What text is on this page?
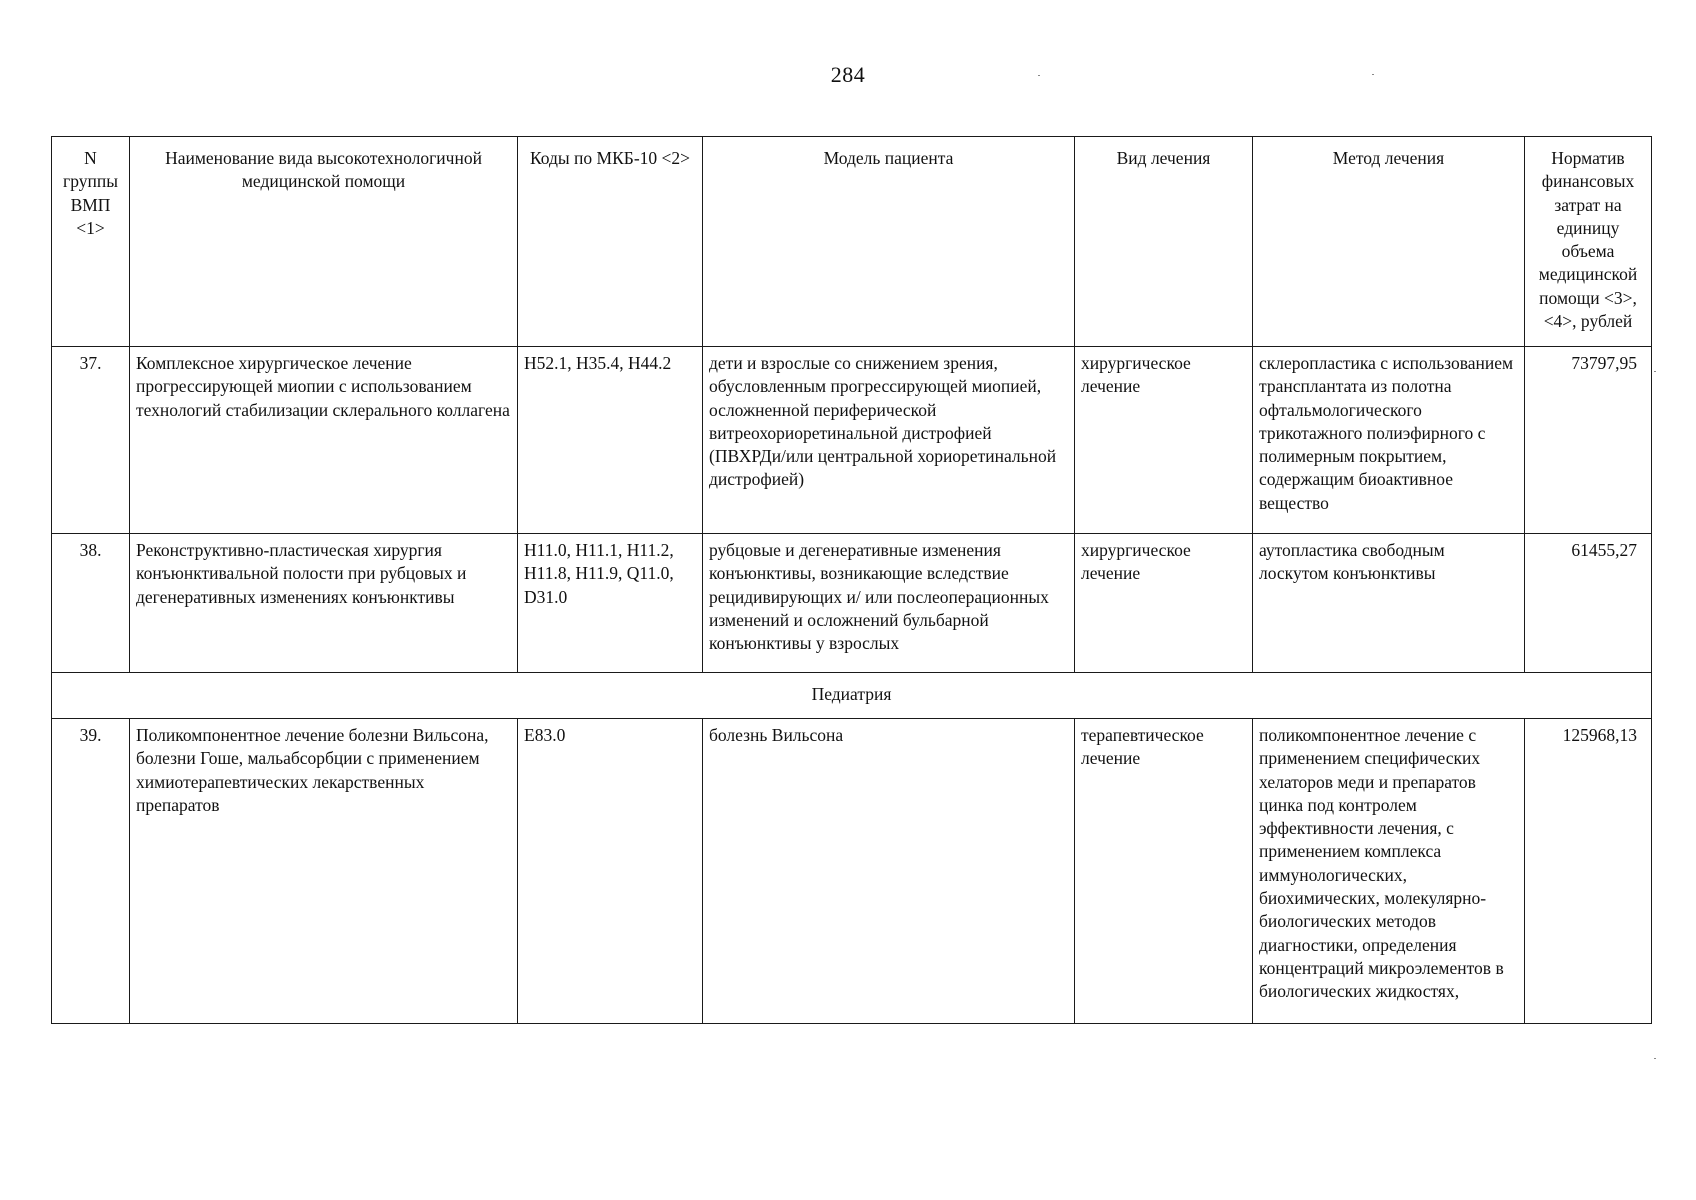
284
N группы ВМП <1>	Наименование вида высокотехнологичной медицинской помощи	Коды по МКБ-10 <2>	Модель пациента	Вид лечения	Метод лечения	Норматив финансовых затрат на единицу объема медицинской помощи <3>, <4>, рублей
37.	Комплексное хирургическое лечение прогрессирующей миопии с использованием технологий стабилизации склерального коллагена	H52.1, H35.4, H44.2	дети и взрослые со снижением зрения, обусловленным прогрессирующей миопией, осложненной периферической витреохориоретинальной дистрофией (ПВХРДи/или центральной хориоретинальной дистрофией)	хирургическое лечение	склеропластика с использованием трансплантата из полотна офтальмологического трикотажного полиэфирного с полимерным покрытием, содержащим биоактивное вещество	73797,95
38.	Реконструктивно-пластическая хирургия конъюнктивальной полости при рубцовых и дегенеративных изменениях конъюнктивы	H11.0, H11.1, H11.2, H11.8, H11.9, Q11.0, D31.0	рубцовые и дегенеративные изменения конъюнктивы, возникающие вследствие рецидивирующих и/ или послеоперационных изменений и осложнений бульбарной конъюнктивы у взрослых	хирургическое лечение	аутопластика свободным лоскутом конъюнктивы	61455,27
Педиатрия						
39.	Поликомпонентное лечение болезни Вильсона, болезни Гоше, мальабсорбции с применением химиотерапевтических лекарственных препаратов	E83.0	болезнь Вильсона	терапевтическое лечение	поликомпонентное лечение с применением специфических хелаторов меди и препаратов цинка под контролем эффективности лечения, с применением комплекса иммунологических, биохимических, молекулярно-биологических методов диагностики, определения концентраций микроэлементов в биологических жидкостях,	125968,13
